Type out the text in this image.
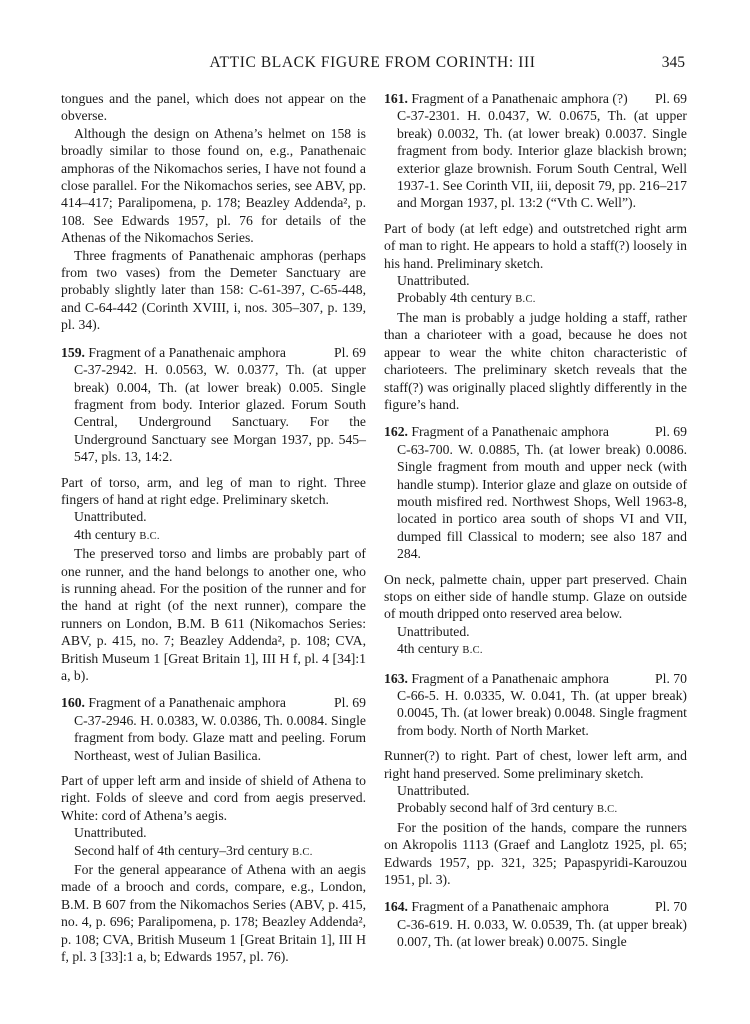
ATTIC BLACK FIGURE FROM CORINTH: III	345

tongues and the panel, which does not appear on the obverse.

Although the design on Athena’s helmet on 158 is broadly similar to those found on, e.g., Panathenaic amphoras of the Nikomachos series, I have not found a close parallel. For the Nikomachos series, see ABV, pp. 414–417; Paralipomena, p. 178; Beazley Addenda², p. 108. See Edwards 1957, pl. 76 for details of the Athenas of the Nikomachos Series.

Three fragments of Panathenaic amphoras (perhaps from two vases) from the Demeter Sanctuary are probably slightly later than 158: C-61-397, C-65-448, and C-64-442 (Corinth XVIII, i, nos. 305–307, p. 139, pl. 34).

159. Fragment of a Panathenaic amphora	Pl. 69

C-37-2942. H. 0.0563, W. 0.0377, Th. (at upper break) 0.004, Th. (at lower break) 0.005. Single fragment from body. Interior glazed. Forum South Central, Underground Sanctuary. For the Underground Sanctuary see Morgan 1937, pp. 545–547, pls. 13, 14:2.

Part of torso, arm, and leg of man to right. Three fingers of hand at right edge. Preliminary sketch.

Unattributed.

4th century B.C.

The preserved torso and limbs are probably part of one runner, and the hand belongs to another one, who is running ahead. For the position of the runner and for the hand at right (of the next runner), compare the runners on London, B.M. B 611 (Nikomachos Series: ABV, p. 415, no. 7; Beazley Addenda², p. 108; CVA, British Museum 1 [Great Britain 1], III H f, pl. 4 [34]:1 a, b).

160. Fragment of a Panathenaic amphora	Pl. 69

C-37-2946. H. 0.0383, W. 0.0386, Th. 0.0084. Single fragment from body. Glaze matt and peeling. Forum Northeast, west of Julian Basilica.

Part of upper left arm and inside of shield of Athena to right. Folds of sleeve and cord from aegis preserved. White: cord of Athena’s aegis.

Unattributed.

Second half of 4th century–3rd century B.C.

For the general appearance of Athena with an aegis made of a brooch and cords, compare, e.g., London, B.M. B 607 from the Nikomachos Series (ABV, p. 415, no. 4, p. 696; Paralipomena, p. 178; Beazley Addenda², p. 108; CVA, British Museum 1 [Great Britain 1], III H f, pl. 3 [33]:1 a, b; Edwards 1957, pl. 76).

161. Fragment of a Panathenaic amphora (?) Pl. 69

C-37-2301. H. 0.0437, W. 0.0675, Th. (at upper break) 0.0032, Th. (at lower break) 0.0037. Single fragment from body. Interior glaze blackish brown; exterior glaze brownish. Forum South Central, Well 1937-1. See Corinth VII, iii, deposit 79, pp. 216–217 and Morgan 1937, pl. 13:2 (“Vth C. Well”).

Part of body (at left edge) and outstretched right arm of man to right. He appears to hold a staff(?) loosely in his hand. Preliminary sketch.

Unattributed.

Probably 4th century B.C.

The man is probably a judge holding a staff, rather than a charioteer with a goad, because he does not appear to wear the white chiton characteristic of charioteers. The preliminary sketch reveals that the staff(?) was originally placed slightly differently in the figure’s hand.

162. Fragment of a Panathenaic amphora	Pl. 69

C-63-700. W. 0.0885, Th. (at lower break) 0.0086. Single fragment from mouth and upper neck (with handle stump). Interior glaze and glaze on outside of mouth misfired red. Northwest Shops, Well 1963-8, located in portico area south of shops VI and VII, dumped fill Classical to modern; see also 187 and 284.

On neck, palmette chain, upper part preserved. Chain stops on either side of handle stump. Glaze on outside of mouth dripped onto reserved area below.

Unattributed.

4th century B.C.

163. Fragment of a Panathenaic amphora	Pl. 70

C-66-5. H. 0.0335, W. 0.041, Th. (at upper break) 0.0045, Th. (at lower break) 0.0048. Single fragment from body. North of North Market.

Runner(?) to right. Part of chest, lower left arm, and right hand preserved. Some preliminary sketch.

Unattributed.

Probably second half of 3rd century B.C.

For the position of the hands, compare the runners on Akropolis 1113 (Graef and Langlotz 1925, pl. 65; Edwards 1957, pp. 321, 325; Papaspyridi-Karouzou 1951, pl. 3).

164. Fragment of a Panathenaic amphora	Pl. 70

C-36-619. H. 0.033, W. 0.0539, Th. (at upper break) 0.007, Th. (at lower break) 0.0075. Single
